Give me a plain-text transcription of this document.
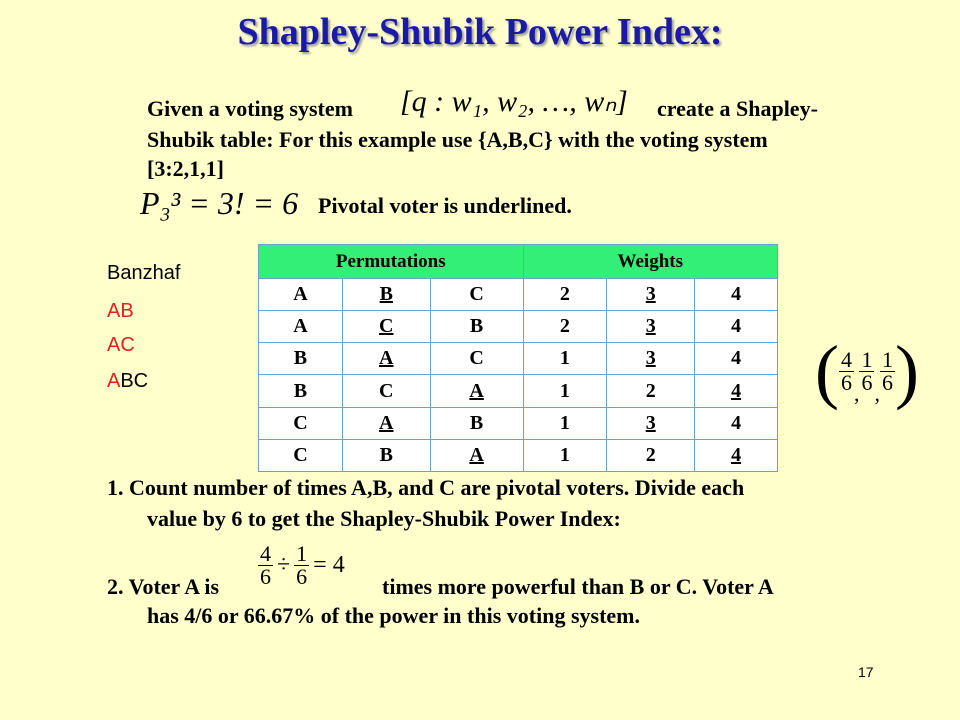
Shapley-Shubik Power Index:
Given a voting system [q : w₁, w₂, …, wₙ] create a Shapley-
Shubik table: For this example use {A,B,C} with the voting system
[3:2,1,1]
P₃³ = 3! = 6 Pivotal voter is underlined.
Banzhaf
AB
AC
ABC
Permutations			Weights		
A	B	C	2	3	4
A	C	B	2	3	4
B	A	C	1	3	4
B	C	A	1	2	4
C	A	B	1	3	4
C	B	A	1	2	4
( $\frac{4}{6}$ , $\frac{1}{6}$ , $\frac{1}{6}$ )
1. Count number of times A,B, and C are pivotal voters. Divide each
value by 6 to get the Shapley-Shubik Power Index:
2. Voter A is $\frac{4}{6} \div \frac{1}{6} = 4$
times more powerful than B or C. Voter A
has 4/6 or 66.67% of the power in this voting system.
17
